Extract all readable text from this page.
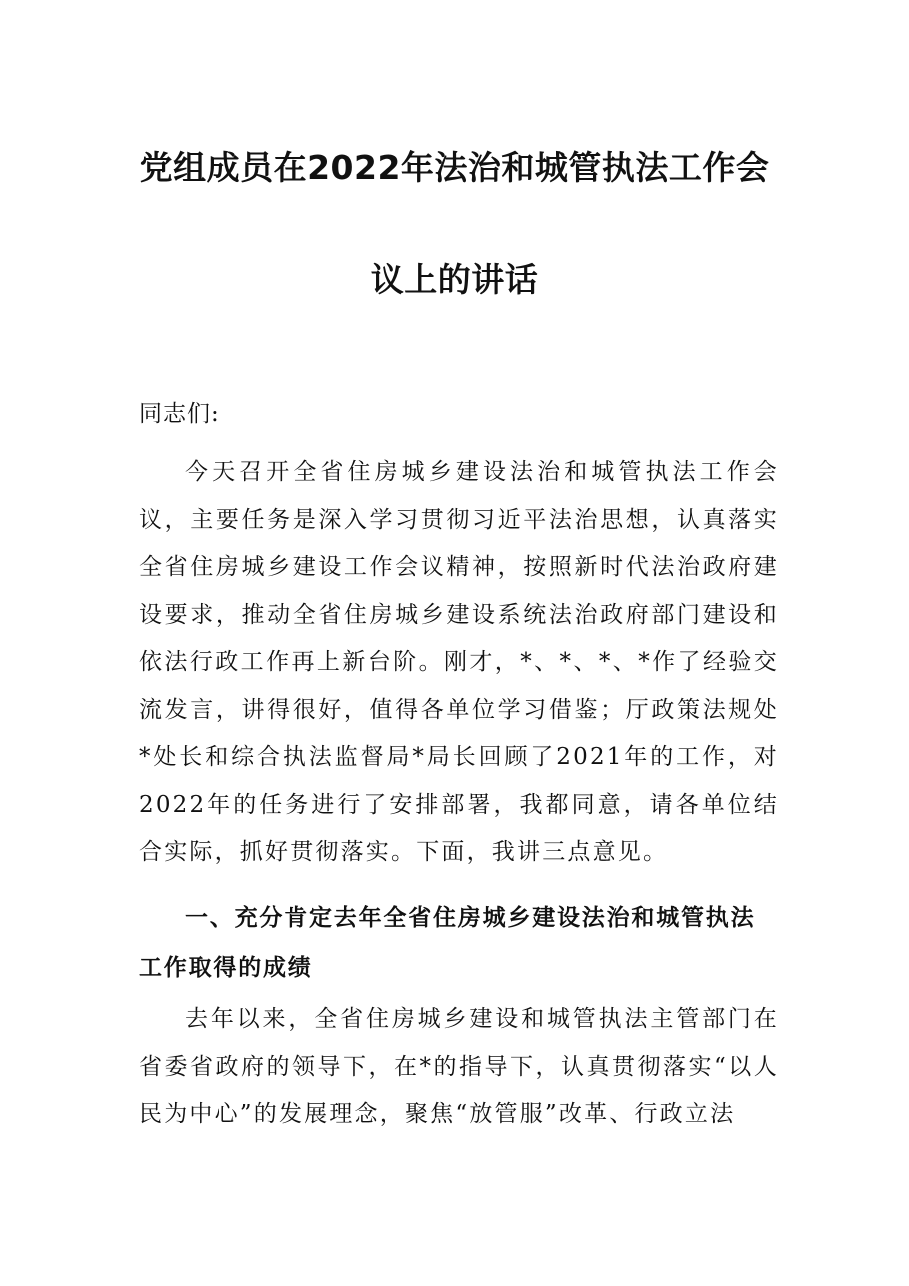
党组成员在2022年法治和城管执法工作会
议上的讲话
同志们:

今天召开全省住房城乡建设法治和城管执法工作会议，主要任务是深入学习贯彻习近平法治思想，认真落实全省住房城乡建设工作会议精神，按照新时代法治政府建设要求，推动全省住房城乡建设系统法治政府部门建设和依法行政工作再上新台阶。刚才，*、*、*、*作了经验交流发言，讲得很好，值得各单位学习借鉴；厅政策法规处*处长和综合执法监督局*局长回顾了2021年的工作，对2022年的任务进行了安排部署，我都同意，请各单位结合实际，抓好贯彻落实。下面，我讲三点意见。

一、充分肯定去年全省住房城乡建设法治和城管执法工作取得的成绩

去年以来，全省住房城乡建设和城管执法主管部门在省委省政府的领导下，在*的指导下，认真贯彻落实“以人民为中心”的发展理念，聚焦“放管服”改革、行政立法
